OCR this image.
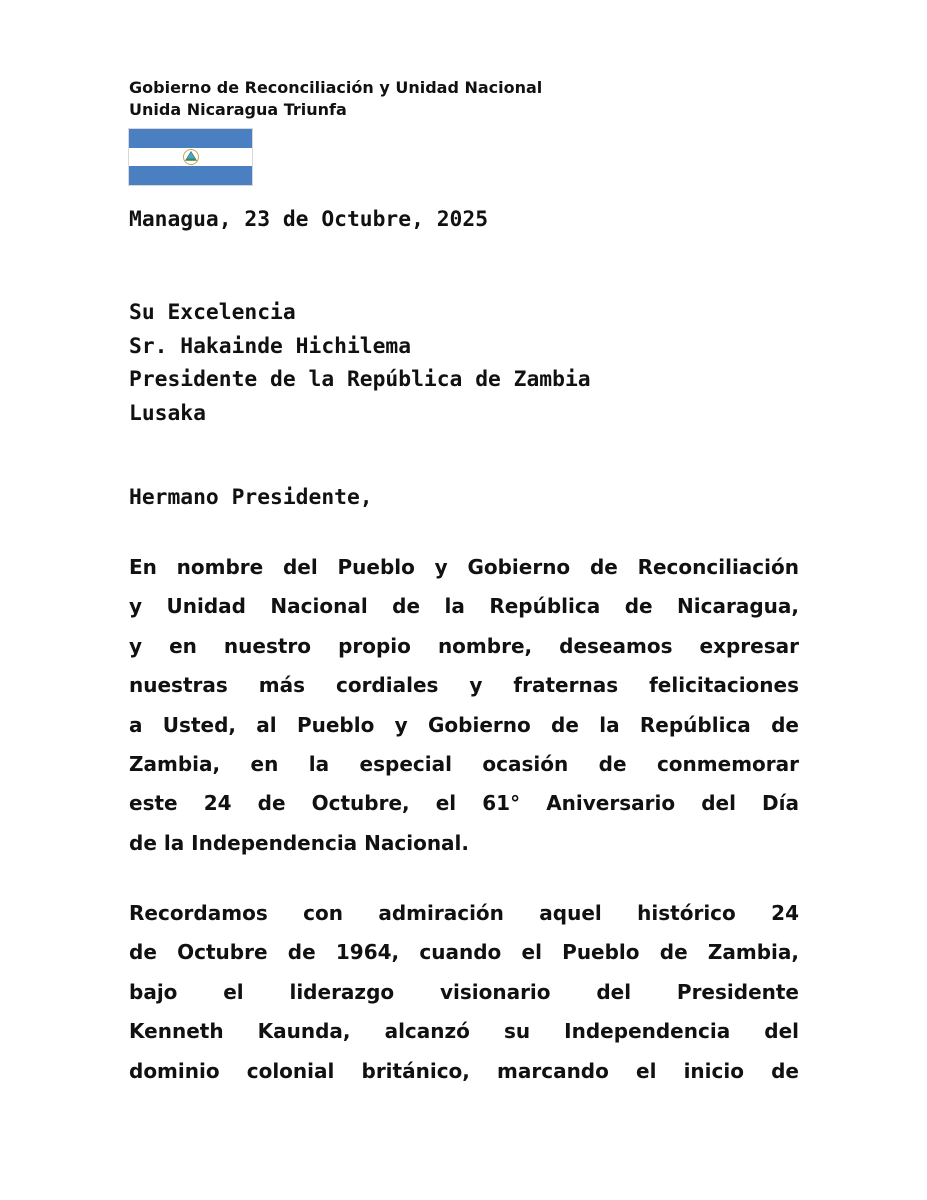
Gobierno de Reconciliación y Unidad Nacional
Unida Nicaragua Triunfa
Managua, 23 de Octubre, 2025
Su Excelencia
Sr. Hakainde Hichilema
Presidente de la República de Zambia
Lusaka
Hermano Presidente,
En nombre del Pueblo y Gobierno de Reconciliación
y Unidad Nacional de la República de Nicaragua,
y en nuestro propio nombre, deseamos expresar
nuestras más cordiales y fraternas felicitaciones
a Usted, al Pueblo y Gobierno de la República de
Zambia, en la especial ocasión de conmemorar
este 24 de Octubre, el 61° Aniversario del Día
de la Independencia Nacional.
Recordamos con admiración aquel histórico 24
de Octubre de 1964, cuando el Pueblo de Zambia,
bajo el liderazgo visionario del Presidente
Kenneth Kaunda, alcanzó su Independencia del
dominio colonial británico, marcando el inicio de
